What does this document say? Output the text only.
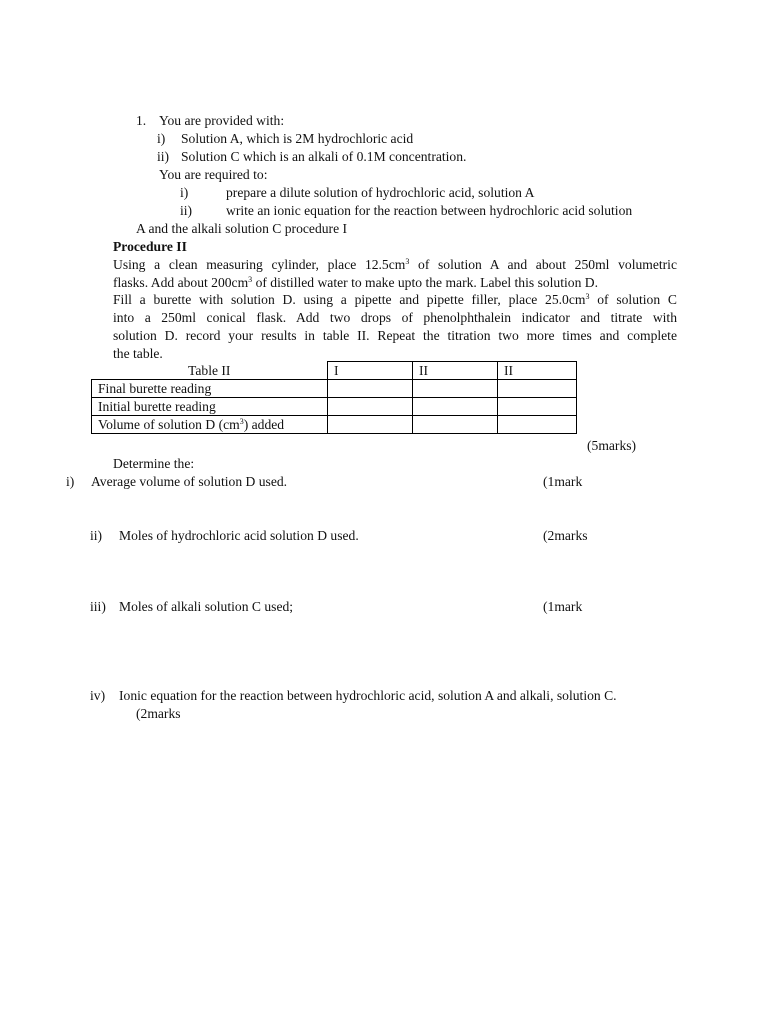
1. You are provided with:
i) Solution A, which is 2M hydrochloric acid
ii) Solution C which is an alkali of 0.1M concentration.
You are required to:
i)	prepare a dilute solution of hydrochloric acid, solution A
ii) write an ionic equation for the reaction between hydrochloric acid solution
A and the alkali solution C procedure I
Procedure II
Using a clean measuring cylinder, place $12.5cm^3$ of solution A and about 250ml volumetric
flasks. Add about $200cm^3$ of distilled water to make upto the mark. Label this solution D.
Fill a burette with solution D. using a pipette and pipette filler, place $25.0cm^3$ of solution C
into a 250ml conical flask. Add two drops of phenolphthalein indicator and titrate with
solution D. record your results in table II. Repeat the titration two more times and complete
the table.
Table II	I	II	II
Final burette reading			
Initial burette reading			
Volume of solution D $(cm^3)$ added			
(5marks)
Determine the:
i) Average volume of solution D used.	(1mark
ii) Moles of hydrochloric acid solution D used.	(2marks
iii) Moles of alkali solution C used;	(1mark
iv) Ionic equation for the reaction between hydrochloric acid, solution A and alkali, solution C.
(2marks
